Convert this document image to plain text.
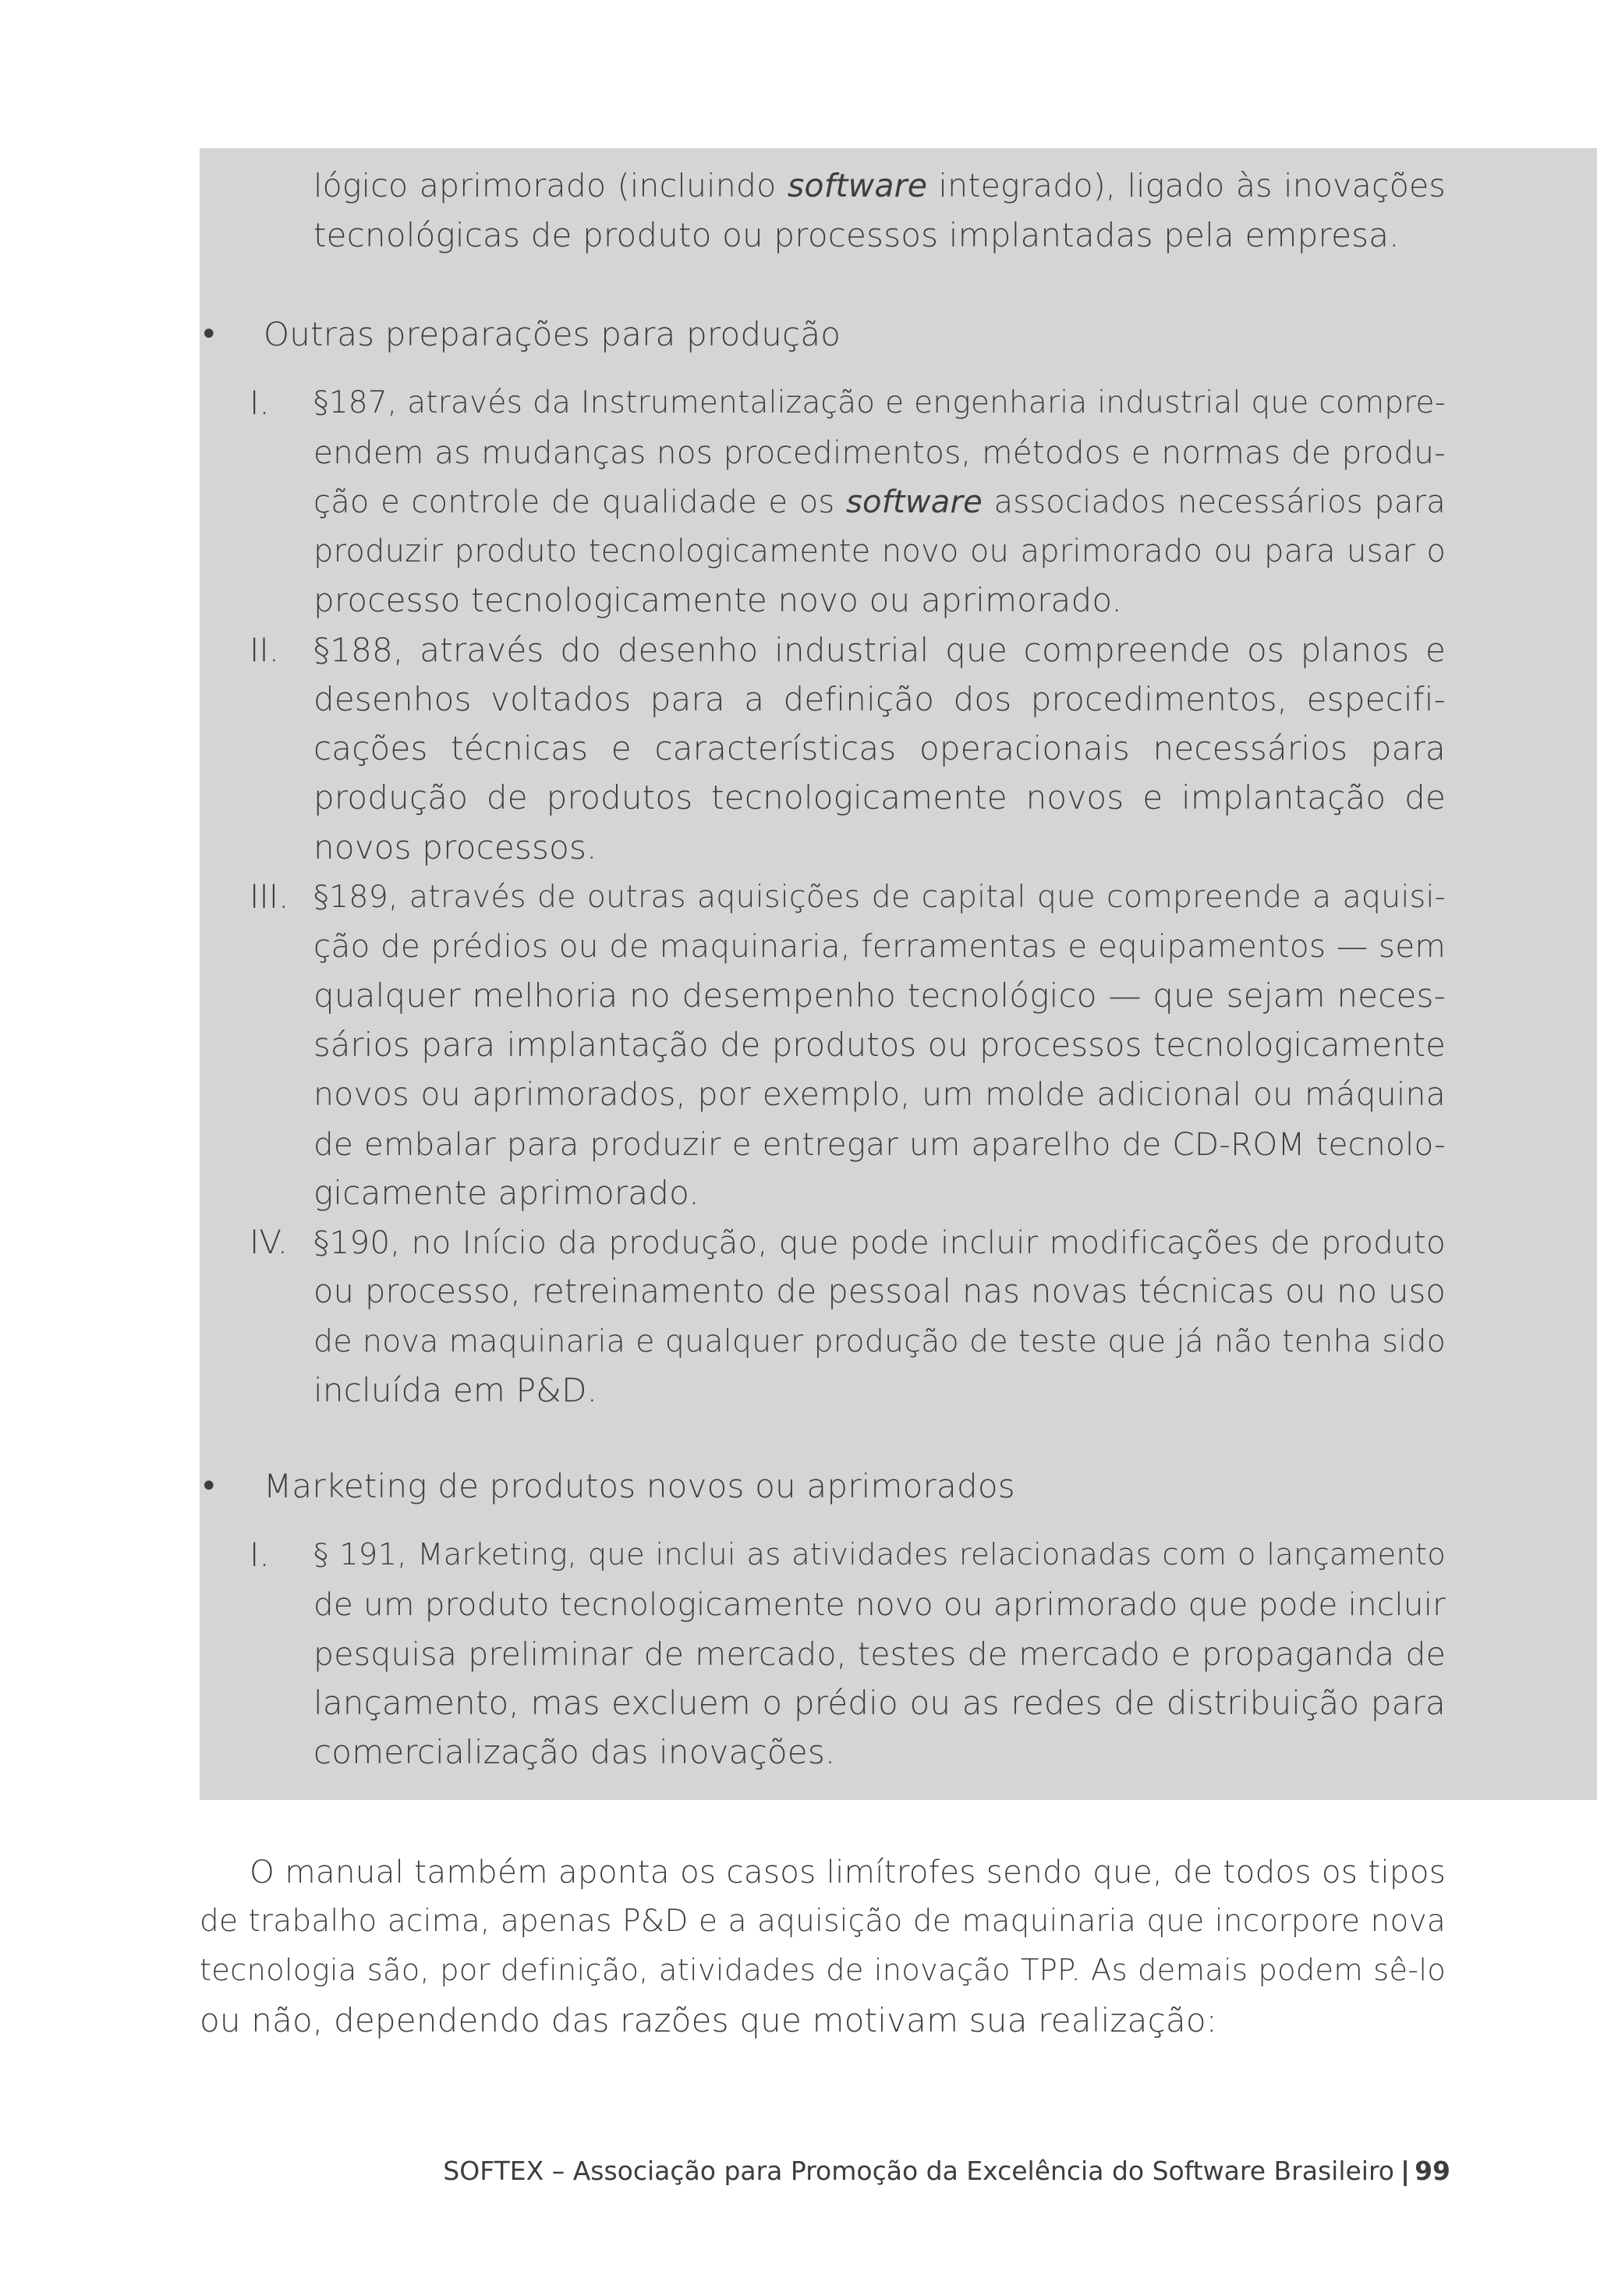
lógico aprimorado (incluindo software integrado), ligado às inovações
tecnológicas de produto ou processos implantadas pela empresa.
• Outras preparações para produção
I. §187, através da Instrumentalização e engenharia industrial que compre-
endem as mudanças nos procedimentos, métodos e normas de produ-
ção e controle de qualidade e os software associados necessários para
produzir produto tecnologicamente novo ou aprimorado ou para usar o
processo tecnologicamente novo ou aprimorado.
II. §188, através do desenho industrial que compreende os planos e
desenhos voltados para a definição dos procedimentos, especifi-
cações técnicas e características operacionais necessários para
produção de produtos tecnologicamente novos e implantação de
novos processos.
III. §189, através de outras aquisições de capital que compreende a aquisi-
ção de prédios ou de maquinaria, ferramentas e equipamentos — sem
qualquer melhoria no desempenho tecnológico — que sejam neces-
sários para implantação de produtos ou processos tecnologicamente
novos ou aprimorados, por exemplo, um molde adicional ou máquina
de embalar para produzir e entregar um aparelho de CD-ROM tecnolo-
gicamente aprimorado.
IV. §190, no Início da produção, que pode incluir modificações de produto
ou processo, retreinamento de pessoal nas novas técnicas ou no uso
de nova maquinaria e qualquer produção de teste que já não tenha sido
incluída em P&D.
• Marketing de produtos novos ou aprimorados
I. § 191, Marketing, que inclui as atividades relacionadas com o lançamento
de um produto tecnologicamente novo ou aprimorado que pode incluir
pesquisa preliminar de mercado, testes de mercado e propaganda de
lançamento, mas excluem o prédio ou as redes de distribuição para
comercialização das inovações.
O manual também aponta os casos limítrofes sendo que, de todos os tipos
de trabalho acima, apenas P&D e a aquisição de maquinaria que incorpore nova
tecnologia são, por definição, atividades de inovação TPP. As demais podem sê-lo
ou não, dependendo das razões que motivam sua realização:
SOFTEX – Associação para Promoção da Excelência do Software Brasileiro | 99
